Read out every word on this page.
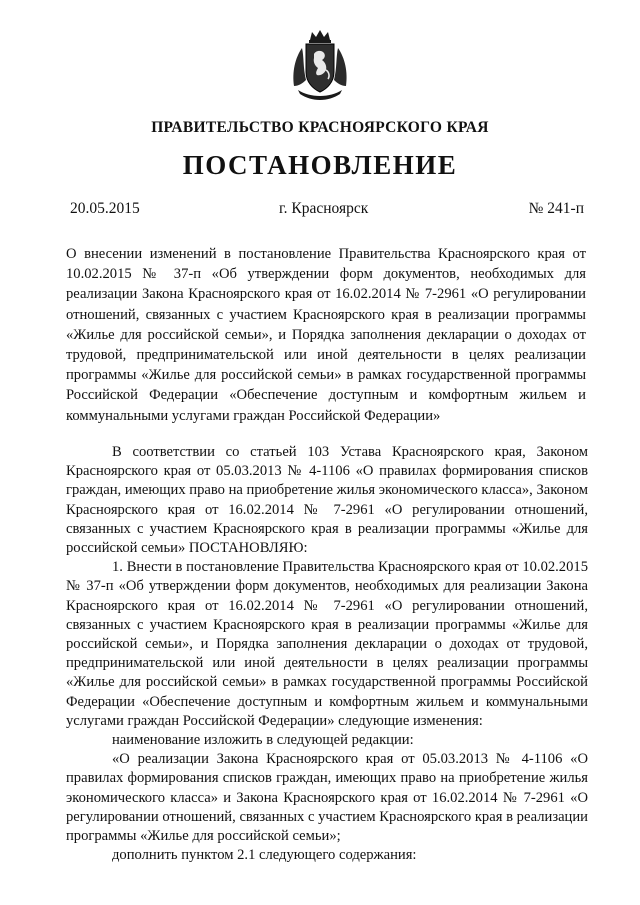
ПРАВИТЕЛЬСТВО КРАСНОЯРСКОГО КРАЯ
ПОСТАНОВЛЕНИЕ
20.05.2015	г. Красноярск	№ 241-п
О внесении изменений в постановление Правительства Красноярского края от 10.02.2015 № 37-п «Об утверждении форм документов, необходимых для реализации Закона Красноярского края от 16.02.2014 № 7-2961 «О регулировании отношений, связанных с участием Красноярского края в реализации программы «Жилье для российской семьи», и Порядка заполнения декларации о доходах от трудовой, предпринимательской или иной деятельности в целях реализации программы «Жилье для российской семьи» в рамках государственной программы Российской Федерации «Обеспечение доступным и комфортным жильем и коммунальными услугами граждан Российской Федерации»

В соответствии со статьей 103 Устава Красноярского края, Законом Красноярского края от 05.03.2013 № 4-1106 «О правилах формирования списков граждан, имеющих право на приобретение жилья экономического класса», Законом Красноярского края от 16.02.2014 № 7-2961 «О регулировании отношений, связанных с участием Красноярского края в реализации программы «Жилье для российской семьи» ПОСТАНОВЛЯЮ:

1. Внести в постановление Правительства Красноярского края от 10.02.2015 № 37-п «Об утверждении форм документов, необходимых для реализации Закона Красноярского края от 16.02.2014 № 7-2961 «О регулировании отношений, связанных с участием Красноярского края в реализации программы «Жилье для российской семьи», и Порядка заполнения декларации о доходах от трудовой, предпринимательской или иной деятельности в целях реализации программы «Жилье для российской семьи» в рамках государственной программы Российской Федерации «Обеспечение доступным и комфортным жильем и коммунальными услугами граждан Российской Федерации» следующие изменения:

наименование изложить в следующей редакции:

«О реализации Закона Красноярского края от 05.03.2013 № 4-1106 «О правилах формирования списков граждан, имеющих право на приобретение жилья экономического класса» и Закона Красноярского края от 16.02.2014 № 7-2961 «О регулировании отношений, связанных с участием Красноярского края в реализации программы «Жилье для российской семьи»;

дополнить пунктом 2.1 следующего содержания:
